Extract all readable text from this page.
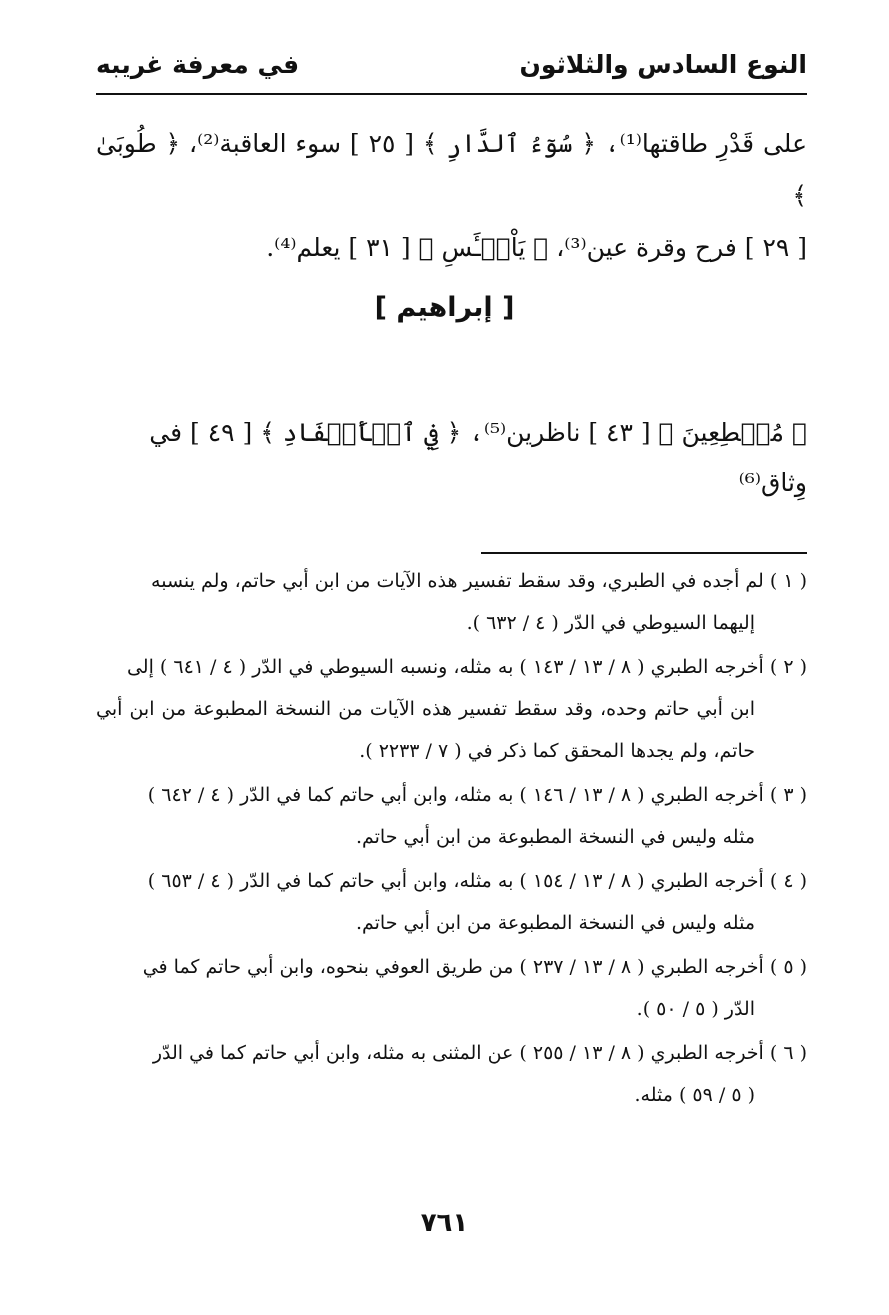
النوع السادس والثلاثون
في معرفة غريبه

على قَدْرِ طاقتها⁽¹⁾، ﴿ سُوٓءُ ٱلدَّارِ ﴾ [ ٢٥ ] سوء العاقبة⁽²⁾، ﴿ طُوبَىٰ ﴾

[ ٢٩ ] فرح وقرة عين⁽³⁾، ﴿ يَاْيۡـَٔسِ ﴾ [ ٣١ ] يعلم⁽⁴⁾.

[ إبراهيم ]
﴿ مُهۡطِعِينَ ﴾ [ ٤٣ ] ناظرين⁽⁵⁾، ﴿ فِي ٱلۡأَصۡفَادِ ﴾ [ ٤٩ ] في وِثاق⁽⁶⁾

( ١ ) لم أجده في الطبري، وقد سقط تفسير هذه الآيات من ابن أبي حاتم، ولم ينسبه
إليهما السيوطي في الدّر ( ٤ / ٦٣٢ ).

( ٢ ) أخرجه الطبري ( ٨ / ١٣ / ١٤٣ ) به مثله، ونسبه السيوطي في الدّر ( ٤ / ٦٤١ ) إلى
ابن أبي حاتم وحده، وقد سقط تفسير هذه الآيات من النسخة المطبوعة من ابن أبي حاتم، ولم يجدها المحقق كما ذكر في ( ٧ / ٢٢٣٣ ).

( ٣ ) أخرجه الطبري ( ٨ / ١٣ / ١٤٦ ) به مثله، وابن أبي حاتم كما في الدّر ( ٤ / ٦٤٢ )
مثله وليس في النسخة المطبوعة من ابن أبي حاتم.

( ٤ ) أخرجه الطبري ( ٨ / ١٣ / ١٥٤ ) به مثله، وابن أبي حاتم كما في الدّر ( ٤ / ٦٥٣ )
مثله وليس في النسخة المطبوعة من ابن أبي حاتم.

( ٥ ) أخرجه الطبري ( ٨ / ١٣ / ٢٣٧ ) من طريق العوفي بنحوه، وابن أبي حاتم كما في
الدّر ( ٥ / ٥٠ ).

( ٦ ) أخرجه الطبري ( ٨ / ١٣ / ٢٥٥ ) عن المثنى به مثله، وابن أبي حاتم كما في الدّر
( ٥ / ٥٩ ) مثله.

٧٦١
